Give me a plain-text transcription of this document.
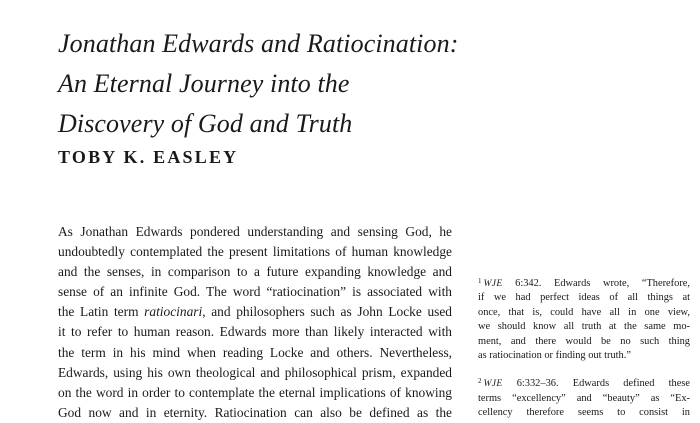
Jonathan Edwards and Ratiocination:
An Eternal Journey into the
Discovery of God and Truth
TOBY K. EASLEY
As Jonathan Edwards pondered understanding and sensing God, he
undoubtedly contemplated the present limitations of human knowledge
and the senses, in comparison to a future expanding knowledge and
sense of an infinite God. The word “ratiocination” is associated with
the Latin term ratiocinari, and philosophers such as John Locke used
it to refer to human reason. Edwards more than likely interacted with
the term in his mind when reading Locke and others. Nevertheless,
Edwards, using his own theological and philosophical prism, expanded
on the word in order to contemplate the eternal implications of knowing
God now and in eternity. Ratiocination can also be defined as the
$^1$ WJE 6:342. Edwards wrote, “Therefore,
if we had perfect ideas of all things at
once, that is, could have all in one view,
we should know all truth at the same mo-
ment, and there would be no such thing
as ratiocination or finding out truth.”
$^2$ WJE 6:332–36. Edwards defined these
terms “excellency” and “beauty” as “Ex-
cellency therefore seems to consist in
